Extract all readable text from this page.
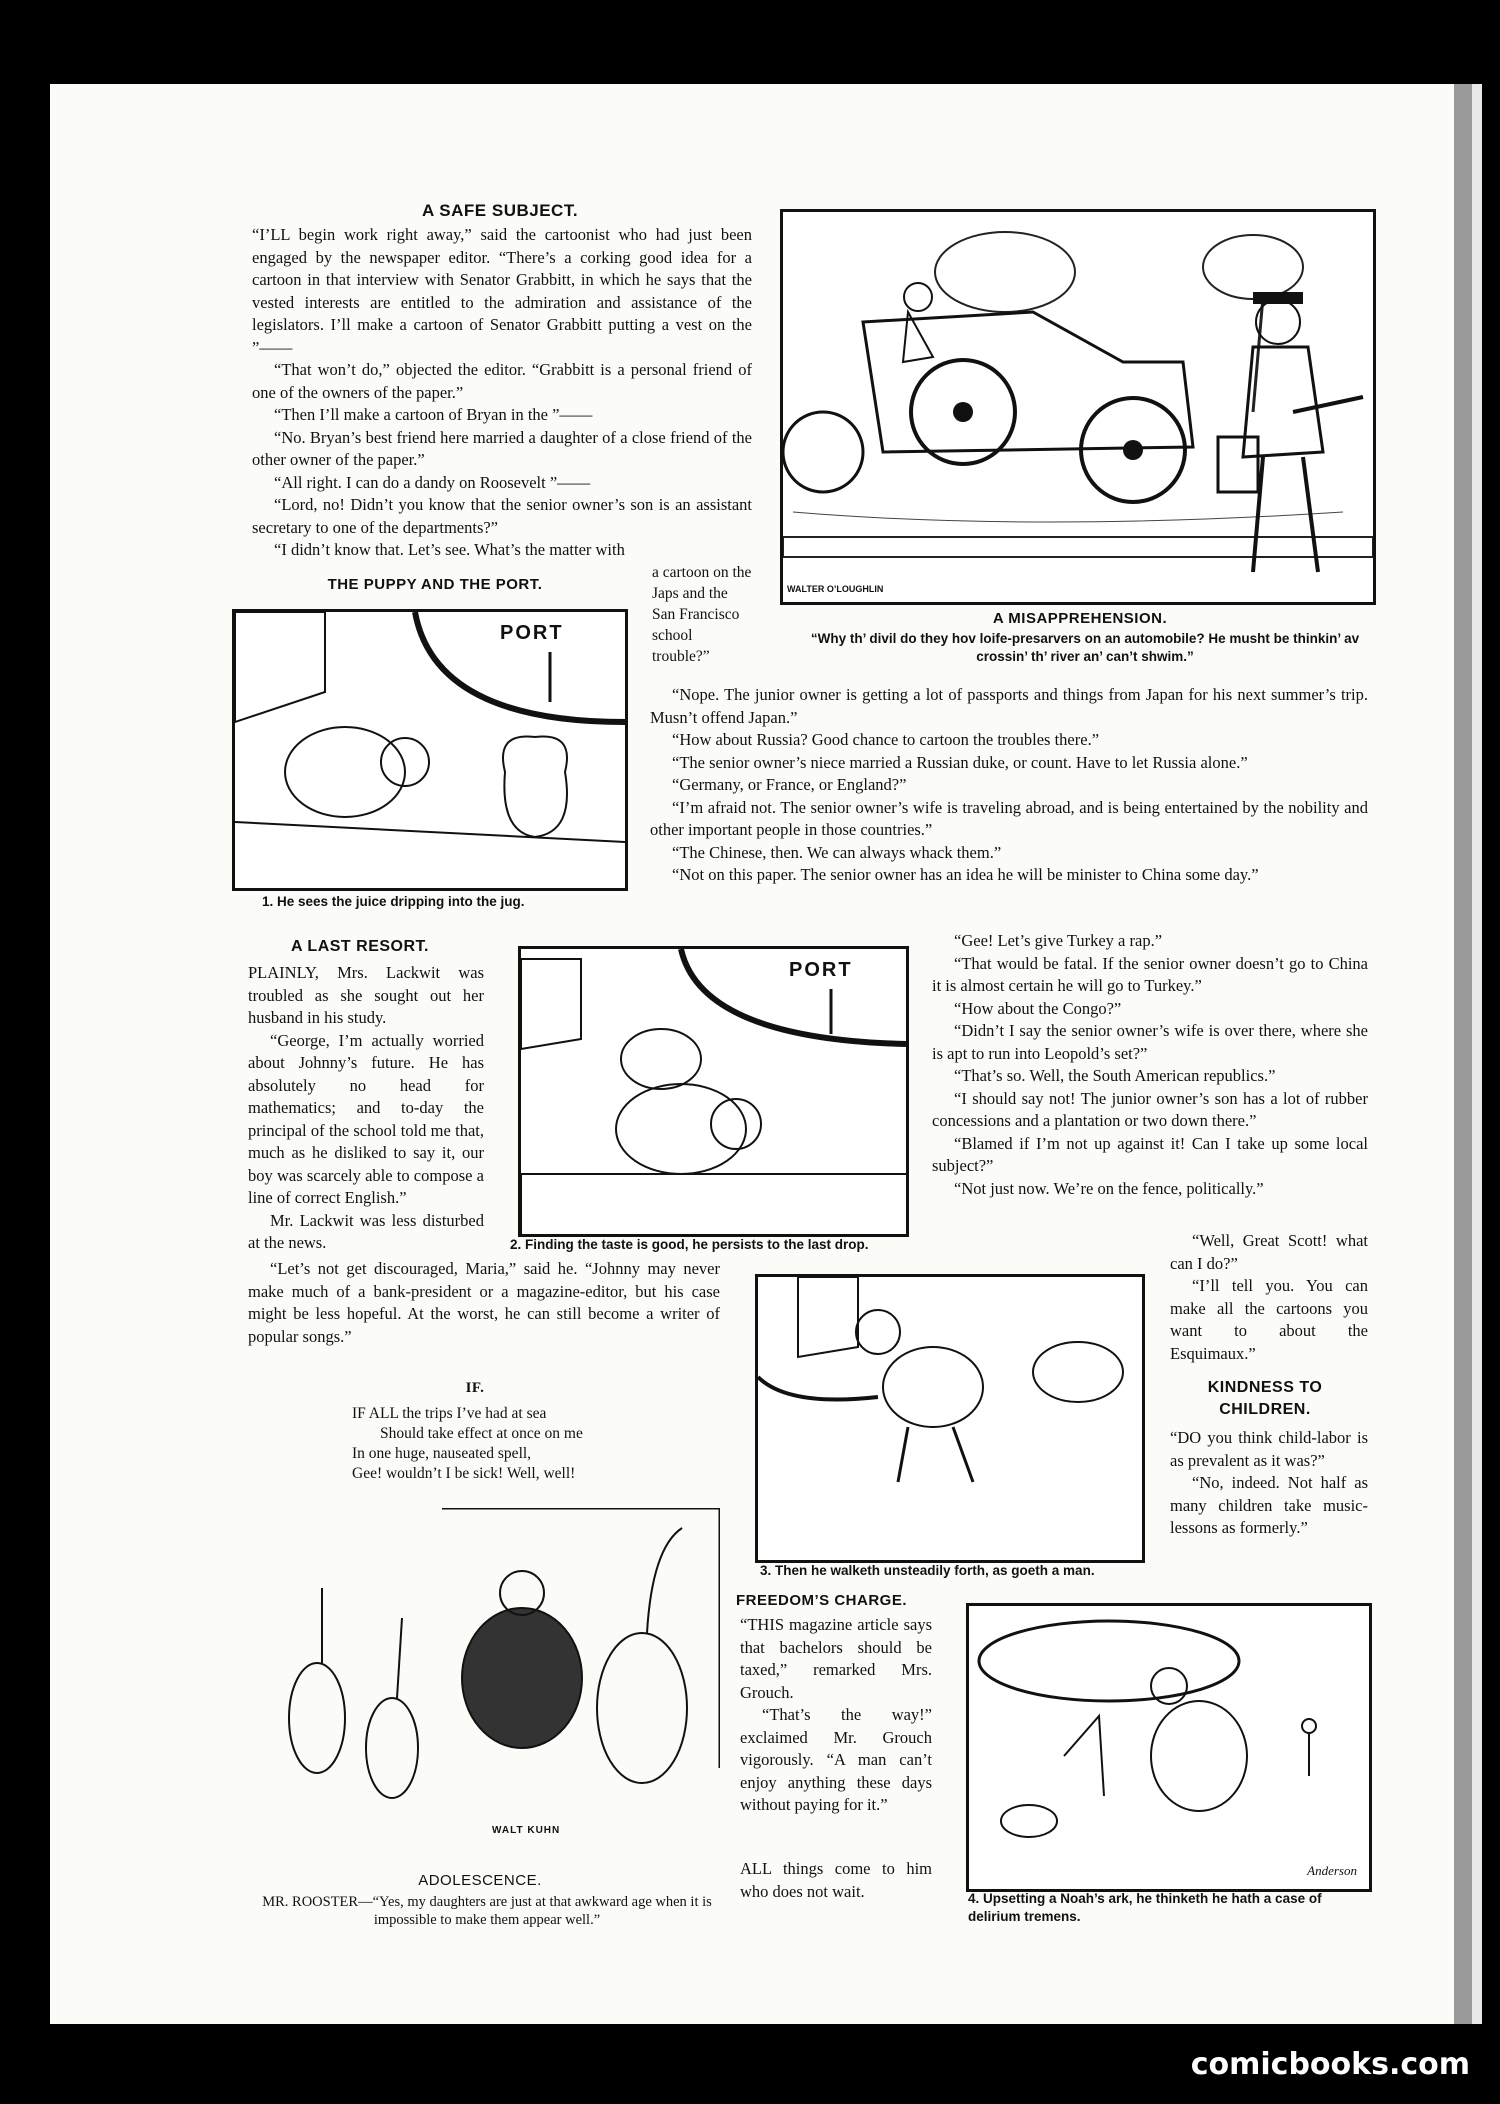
A SAFE SUBJECT.

“I’LL begin work right away,” said the cartoonist who had just been engaged by the newspaper editor. “There’s a corking good idea for a cartoon in that interview with Senator Grabbitt, in which he says that the vested interests are entitled to the admiration and assistance of the legislators. I’ll make a cartoon of Senator Grabbitt putting a vest on the ”——

“That won’t do,” objected the editor. “Grabbitt is a personal friend of one of the owners of the paper.”

“Then I’ll make a cartoon of Bryan in the ”——

“No. Bryan’s best friend here married a daughter of a close friend of the other owner of the paper.”

“All right. I can do a dandy on Roosevelt ”——

“Lord, no! Didn’t you know that the senior owner’s son is an assistant secretary to one of the departments?”

“I didn’t know that. Let’s see. What’s the matter with

a cartoon on the Japs and the San Francisco school trouble?”

“Nope. The junior owner is getting a lot of passports and things from Japan for his next summer’s trip. Musn’t offend Japan.”

“How about Russia? Good chance to cartoon the troubles there.”

“The senior owner’s niece married a Russian duke, or count. Have to let Russia alone.”

“Germany, or France, or England?”

“I’m afraid not. The senior owner’s wife is traveling abroad, and is being entertained by the nobility and other important people in those countries.”

“The Chinese, then. We can always whack them.”

“Not on this paper. The senior owner has an idea he will be minister to China some day.”

“Gee! Let’s give Turkey a rap.”

“That would be fatal. If the senior owner doesn’t go to China it is almost certain he will go to Turkey.”

“How about the Congo?”

“Didn’t I say the senior owner’s wife is over there, where she is apt to run into Leopold’s set?”

“That’s so. Well, the South American republics.”

“I should say not! The junior owner’s son has a lot of rubber concessions and a plantation or two down there.”

“Blamed if I’m not up against it! Can I take up some local subject?”

“Not just now. We’re on the fence, politically.”

“Well, Great Scott! what can I do?”

“I’ll tell you. You can make all the cartoons you want to about the Esquimaux.”

WALTER O’LOUGHLIN
A MISAPPREHENSION.
“Why th’ divil do they hov loife-presarvers on an automobile? He musht be thinkin’ av crossin’ th’ river an’ can’t shwim.”
THE PUPPY AND THE PORT.
PORT
1. He sees the juice dripping into the jug.
PORT
2. Finding the taste is good, he persists to the last drop.
3. Then he walketh unsteadily forth, as goeth a man.
Anderson
4. Upsetting a Noah’s ark, he thinketh he hath a case of delirium tremens.
A LAST RESORT.

PLAINLY, Mrs. Lackwit was troubled as she sought out her husband in his study.

“George, I’m actually worried about Johnny’s future. He has absolutely no head for mathematics; and to-day the principal of the school told me that, much as he disliked to say it, our boy was scarcely able to compose a line of correct English.”

Mr. Lackwit was less disturbed at the news.

“Let’s not get discouraged, Maria,” said he. “Johnny may never make much of a bank-president or a magazine-editor, but his case might be less hopeful. At the worst, he can still become a writer of popular songs.”

IF.
IF ALL the trips I’ve had at sea
Should take effect at once on me
In one huge, nauseated spell,
Gee! wouldn’t I be sick! Well, well!
WALT KUHN
ADOLESCENCE.
MR. ROOSTER—“Yes, my daughters are just at that awkward age when it is impossible to make them appear well.”
KINDNESS TO CHILDREN.

“DO you think child-labor is as prevalent as it was?”

“No, indeed. Not half as many children take music-lessons as formerly.”

FREEDOM’S CHARGE.

“THIS magazine article says that bachelors should be taxed,” remarked Mrs. Grouch.

“That’s the way!” exclaimed Mr. Grouch vigorously. “A man can’t enjoy anything these days without paying for it.”

ALL things come to him who does not wait.
comicbooks.com
